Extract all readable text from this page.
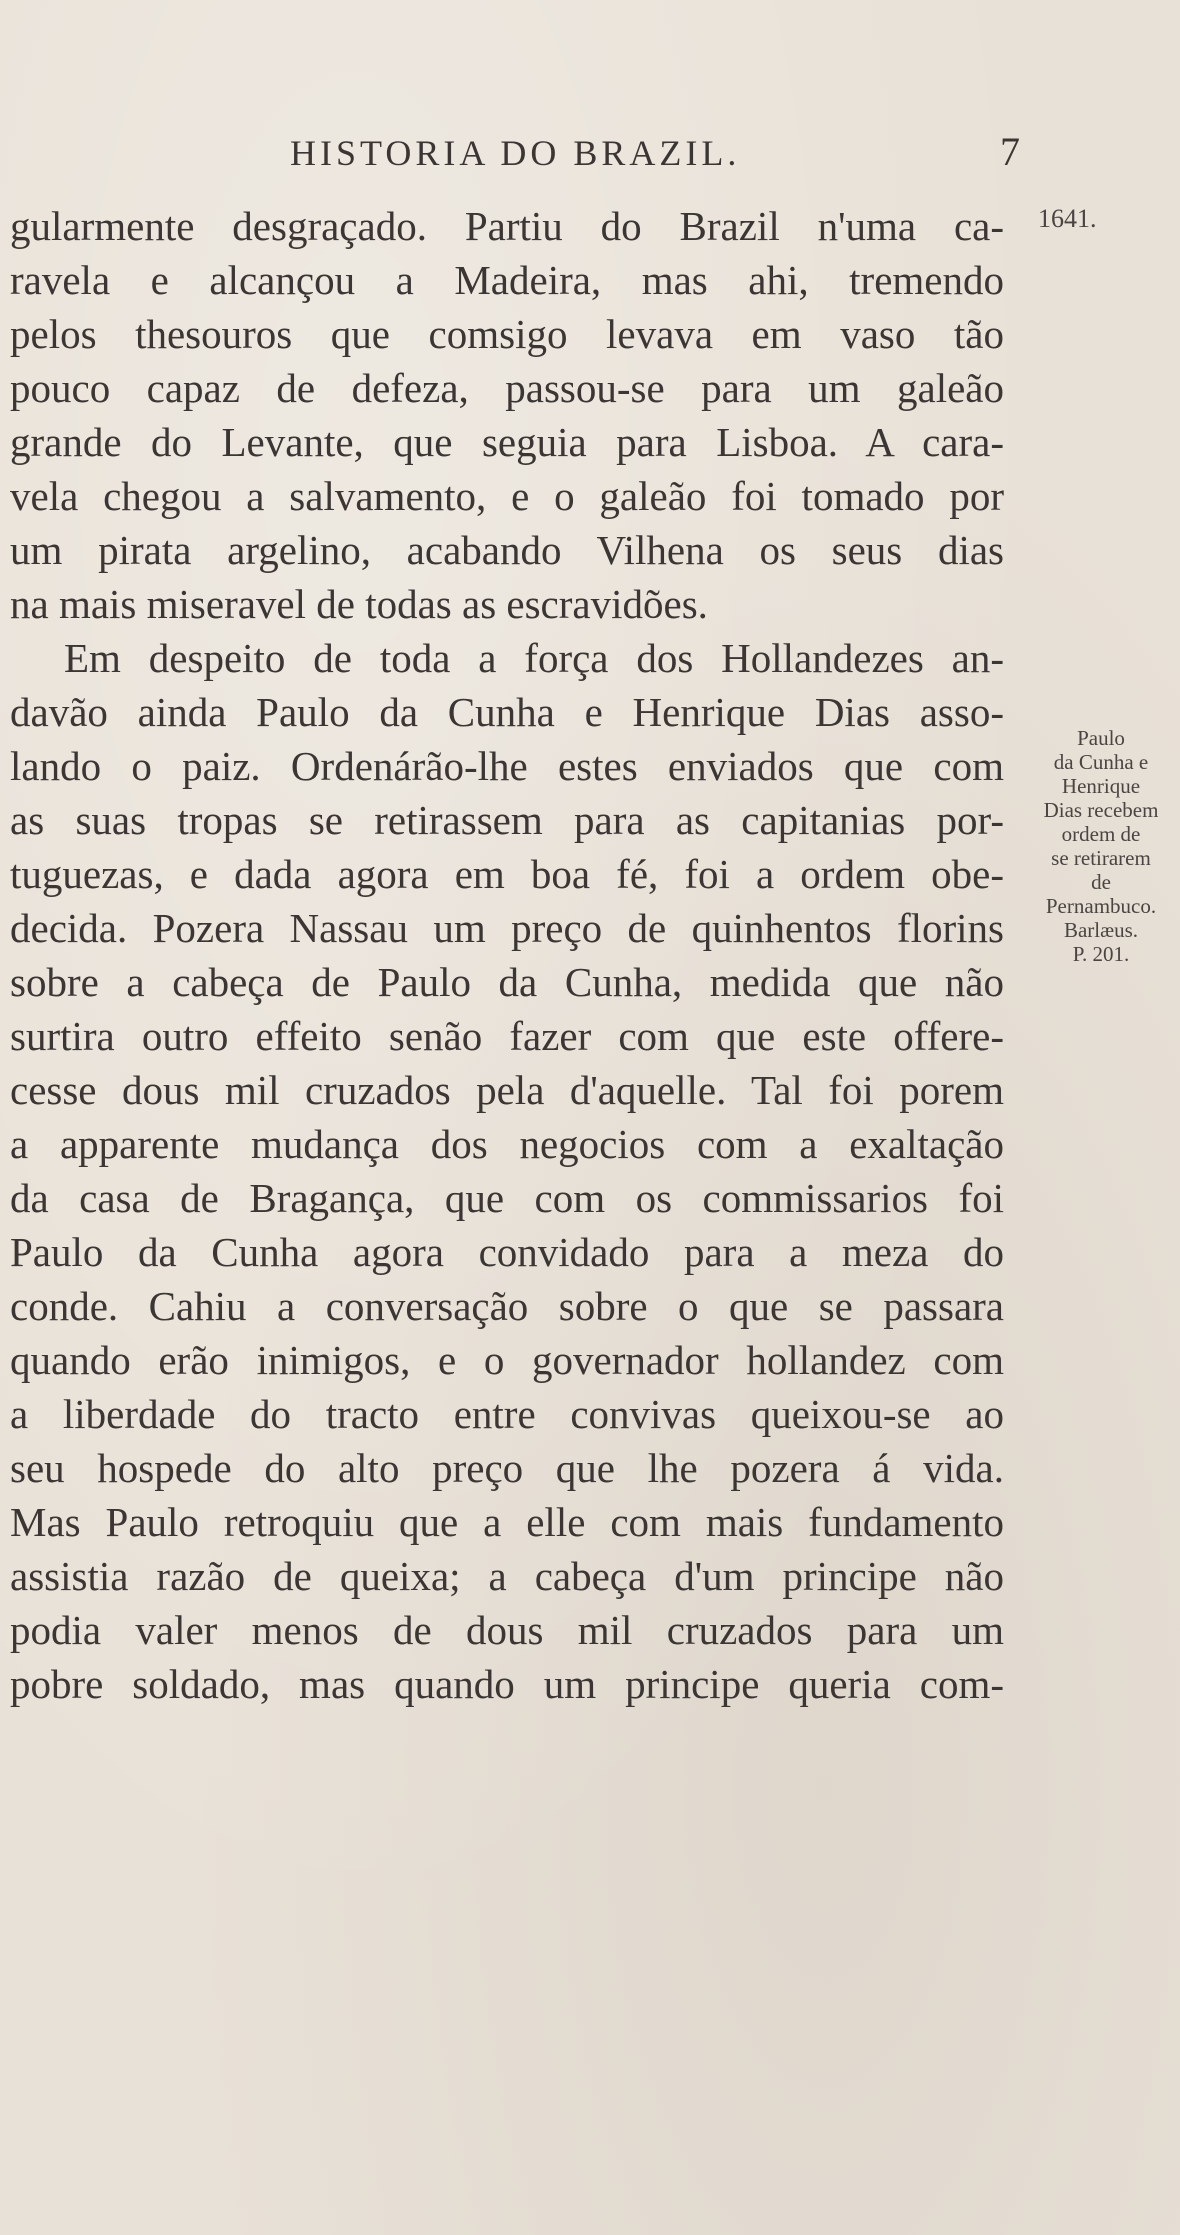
HISTORIA DO BRAZIL.	7
1641.
Paulo
da Cunha e
Henrique
Dias recebem
ordem de
se retirarem
de
Pernambuco.
Barlæus.
P. 201.
gularmente desgraçado. Partiu do Brazil n'uma ca-
ravela e alcançou a Madeira, mas ahi, tremendo
pelos thesouros que comsigo levava em vaso tão
pouco capaz de defeza, passou-se para um galeão
grande do Levante, que seguia para Lisboa. A cara-
vela chegou a salvamento, e o galeão foi tomado por
um pirata argelino, acabando Vilhena os seus dias
na mais miseravel de todas as escravidões.
Em despeito de toda a força dos Hollandezes an-
davão ainda Paulo da Cunha e Henrique Dias asso-
lando o paiz. Ordenárão-lhe estes enviados que com
as suas tropas se retirassem para as capitanias por-
tuguezas, e dada agora em boa fé, foi a ordem obe-
decida. Pozera Nassau um preço de quinhentos florins
sobre a cabeça de Paulo da Cunha, medida que não
surtira outro effeito senão fazer com que este offere-
cesse dous mil cruzados pela d'aquelle. Tal foi porem
a apparente mudança dos negocios com a exaltação
da casa de Bragança, que com os commissarios foi
Paulo da Cunha agora convidado para a meza do
conde. Cahiu a conversação sobre o que se passara
quando erão inimigos, e o governador hollandez com
a liberdade do tracto entre convivas queixou-se ao
seu hospede do alto preço que lhe pozera á vida.
Mas Paulo retroquiu que a elle com mais fundamento
assistia razão de queixa; a cabeça d'um principe não
podia valer menos de dous mil cruzados para um
pobre soldado, mas quando um principe queria com-
